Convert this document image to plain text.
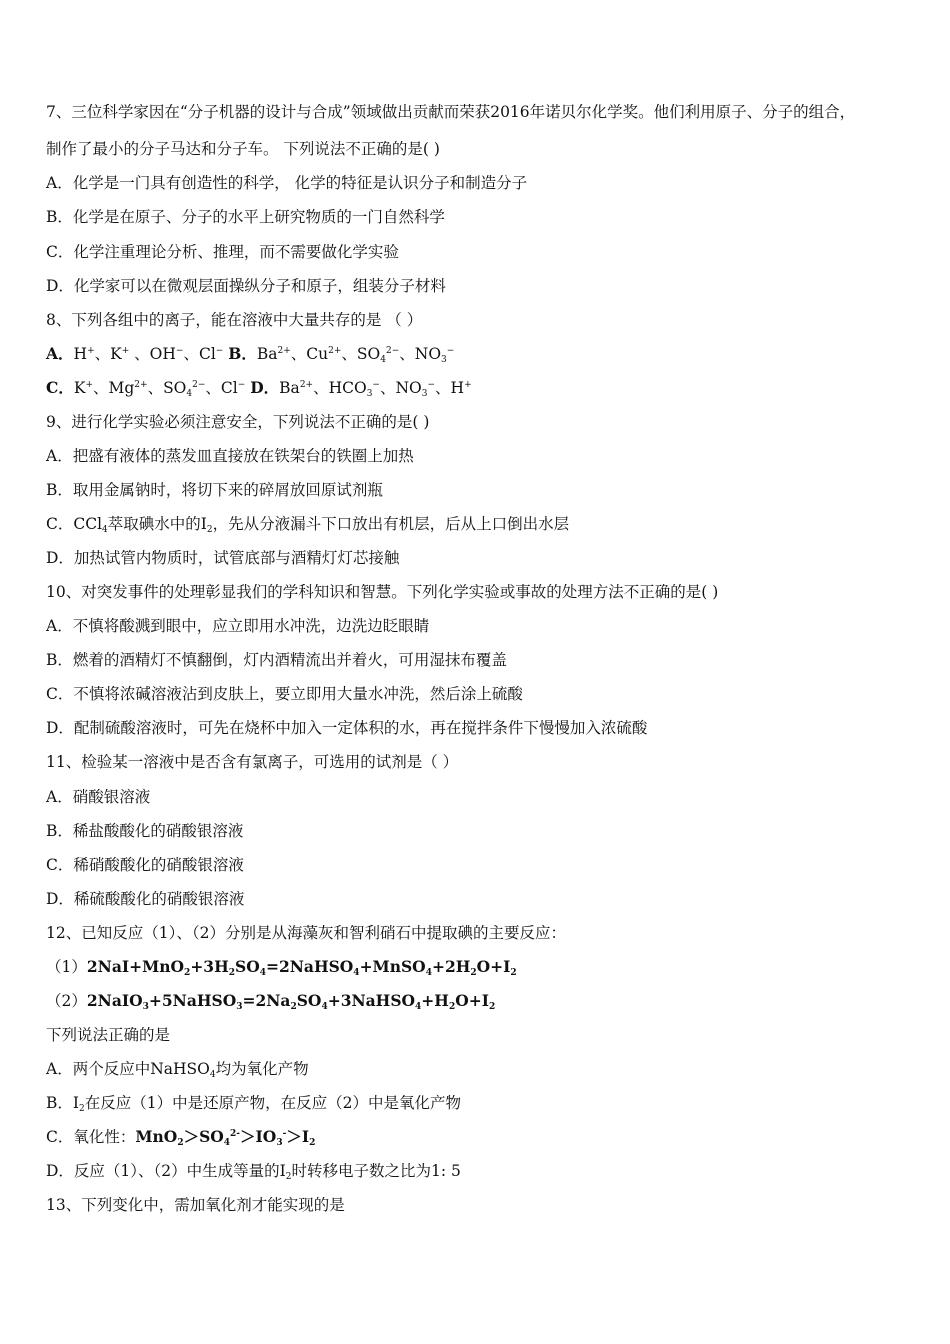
7、三位科学家因在“分子机器的设计与合成”领域做出贡献而荣获2016年诺贝尔化学奖。他们利用原子、分子的组合，
制作了最小的分子马达和分子车。 下列说法不正确的是( )
A．化学是一门具有创造性的科学， 化学的特征是认识分子和制造分子
B．化学是在原子、分子的水平上研究物质的一门自然科学
C．化学注重理论分析、推理，而不需要做化学实验
D．化学家可以在微观层面操纵分子和原子，组装分子材料
8、下列各组中的离子，能在溶液中大量共存的是 （ ）
A．H+、K+ 、OH−、Cl− B．$Ba^{2+}$、$Cu^{2+}$、$SO_4^{2-}$、$NO_3^-$
C．K+、$Mg^{2+}$、$SO_4^{2-}$、Cl− D．$Ba^{2+}$、$HCO_3^-$、$NO_3^-$、H+
9、进行化学实验必须注意安全，下列说法不正确的是( )
A．把盛有液体的蒸发皿直接放在铁架台的铁圈上加热
B．取用金属钠时，将切下来的碎屑放回原试剂瓶
C．CCl$_4$萃取碘水中的$I_2$，先从分液漏斗下口放出有机层，后从上口倒出水层
D．加热试管内物质时，试管底部与酒精灯灯芯接触
10、对突发事件的处理彰显我们的学科知识和智慧。下列化学实验或事故的处理方法不正确的是( )
A．不慎将酸溅到眼中，应立即用水冲洗，边洗边眨眼睛
B．燃着的酒精灯不慎翻倒，灯内酒精流出并着火，可用湿抹布覆盖
C．不慎将浓碱溶液沾到皮肤上，要立即用大量水冲洗，然后涂上硫酸
D．配制硫酸溶液时，可先在烧杯中加入一定体积的水，再在搅拌条件下慢慢加入浓硫酸
11、检验某一溶液中是否含有氯离子，可选用的试剂是（ ）
A．硝酸银溶液
B．稀盐酸酸化的硝酸银溶液
C．稀硝酸酸化的硝酸银溶液
D．稀硫酸酸化的硝酸银溶液
12、已知反应（1）、（2）分别是从海藻灰和智利硝石中提取碘的主要反应：
$(1)2NaI+MnO_2+3H_2SO_4=2NaHSO_4+MnSO_4+2H_2O+I_2$
$(2)2NaIO_3+5NaHSO_3=2Na_2SO_4+3NaHSO_4+H_2O+I_2$
下列说法正确的是
A．两个反应中NaHSO$_4$均为氧化产物
B．$I_2$在反应（1）中是还原产物，在反应（2）中是氧化产物
C．氧化性：$MnO_2>SO_4^{2-}>IO_3^->I_2$
D．反应（1）、（2）中生成等量的$I_2$时转移电子数之比为1: 5
13、下列变化中，需加氧化剂才能实现的是
